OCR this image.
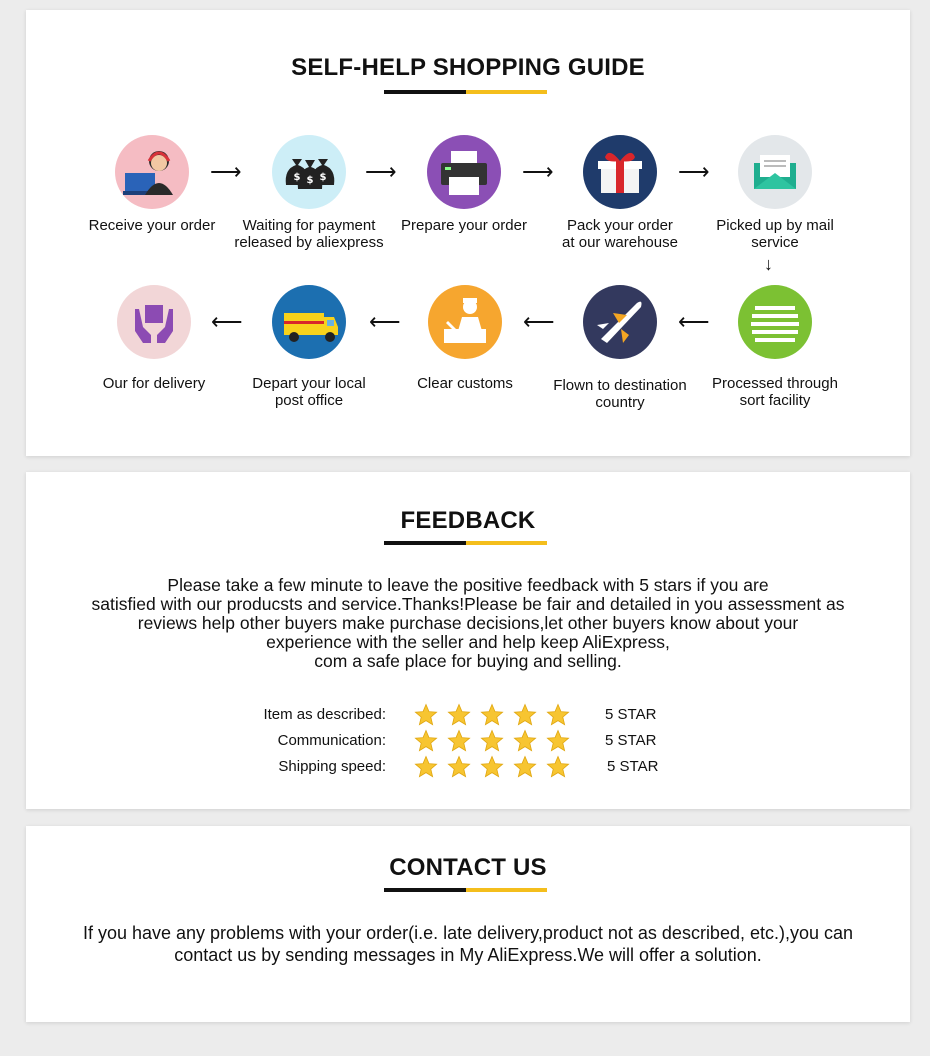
SELF-HELP SHOPPING GUIDE
Receive your order
⟶	$ $ $
Waiting for payment
released by aliexpress
⟶
Prepare your order
⟶
Pack your order
at our warehouse
⟶
Picked up by mail
service
↓
Processed through
sort facility
⟵
Flown to destination
country
⟵
Clear customs
⟵
Depart your local
post office
⟵
Our for delivery
FEEDBACK
Please take a few minute to leave the positive feedback with 5 stars if you are
satisfied with our producsts and service.Thanks!Please be fair and detailed in you assessment as
reviews help other buyers make purchase decisions,let other buyers know about your
experience with the seller and help keep AliExpress,
com a safe place for buying and selling.
Item as described:	5 STAR
Communication:	5 STAR
Shipping speed:	5 STAR
CONTACT US
If you have any problems with your order(i.e. late delivery,product not as described, etc.),you can
contact us by sending messages in My AliExpress.We will offer a solution.
